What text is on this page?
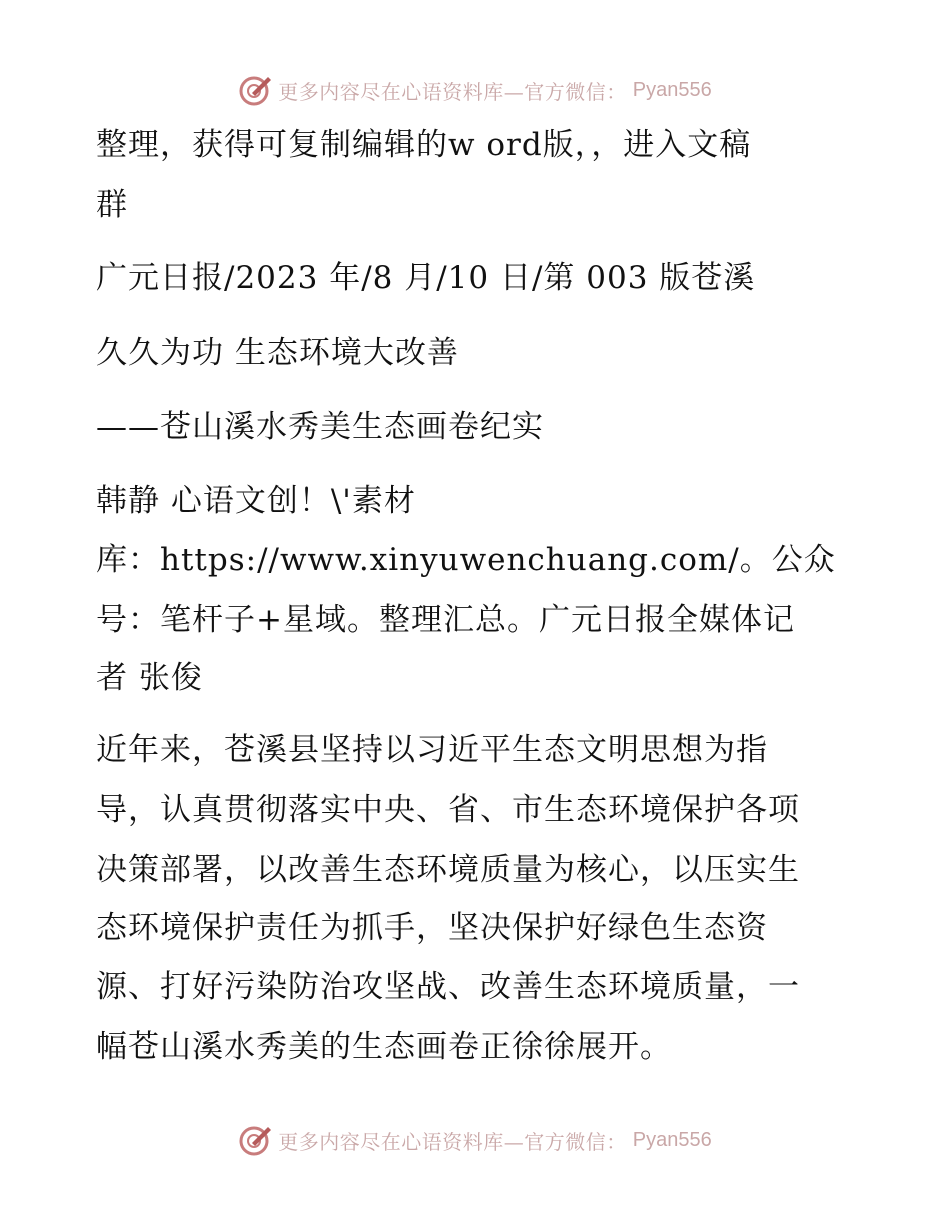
更多内容尽在心语资料库—官方微信： Pyan556
整理，获得可复制编辑的w ord版，，进入文稿
群
广元日报/2023 年/8 月/10 日/第 003 版苍溪
久久为功 生态环境大改善
——苍山溪水秀美生态画卷纪实
韩静 心语文创！\'素材
库：https://www.xinyuwenchuang.com/。公众
号：笔杆子+星域。整理汇总。广元日报全媒体记
者 张俊
近年来，苍溪县坚持以习近平生态文明思想为指
导，认真贯彻落实中央、省、市生态环境保护各项
决策部署，以改善生态环境质量为核心，以压实生
态环境保护责任为抓手，坚决保护好绿色生态资
源、打好污染防治攻坚战、改善生态环境质量，一
幅苍山溪水秀美的生态画卷正徐徐展开。
更多内容尽在心语资料库—官方微信： Pyan556
